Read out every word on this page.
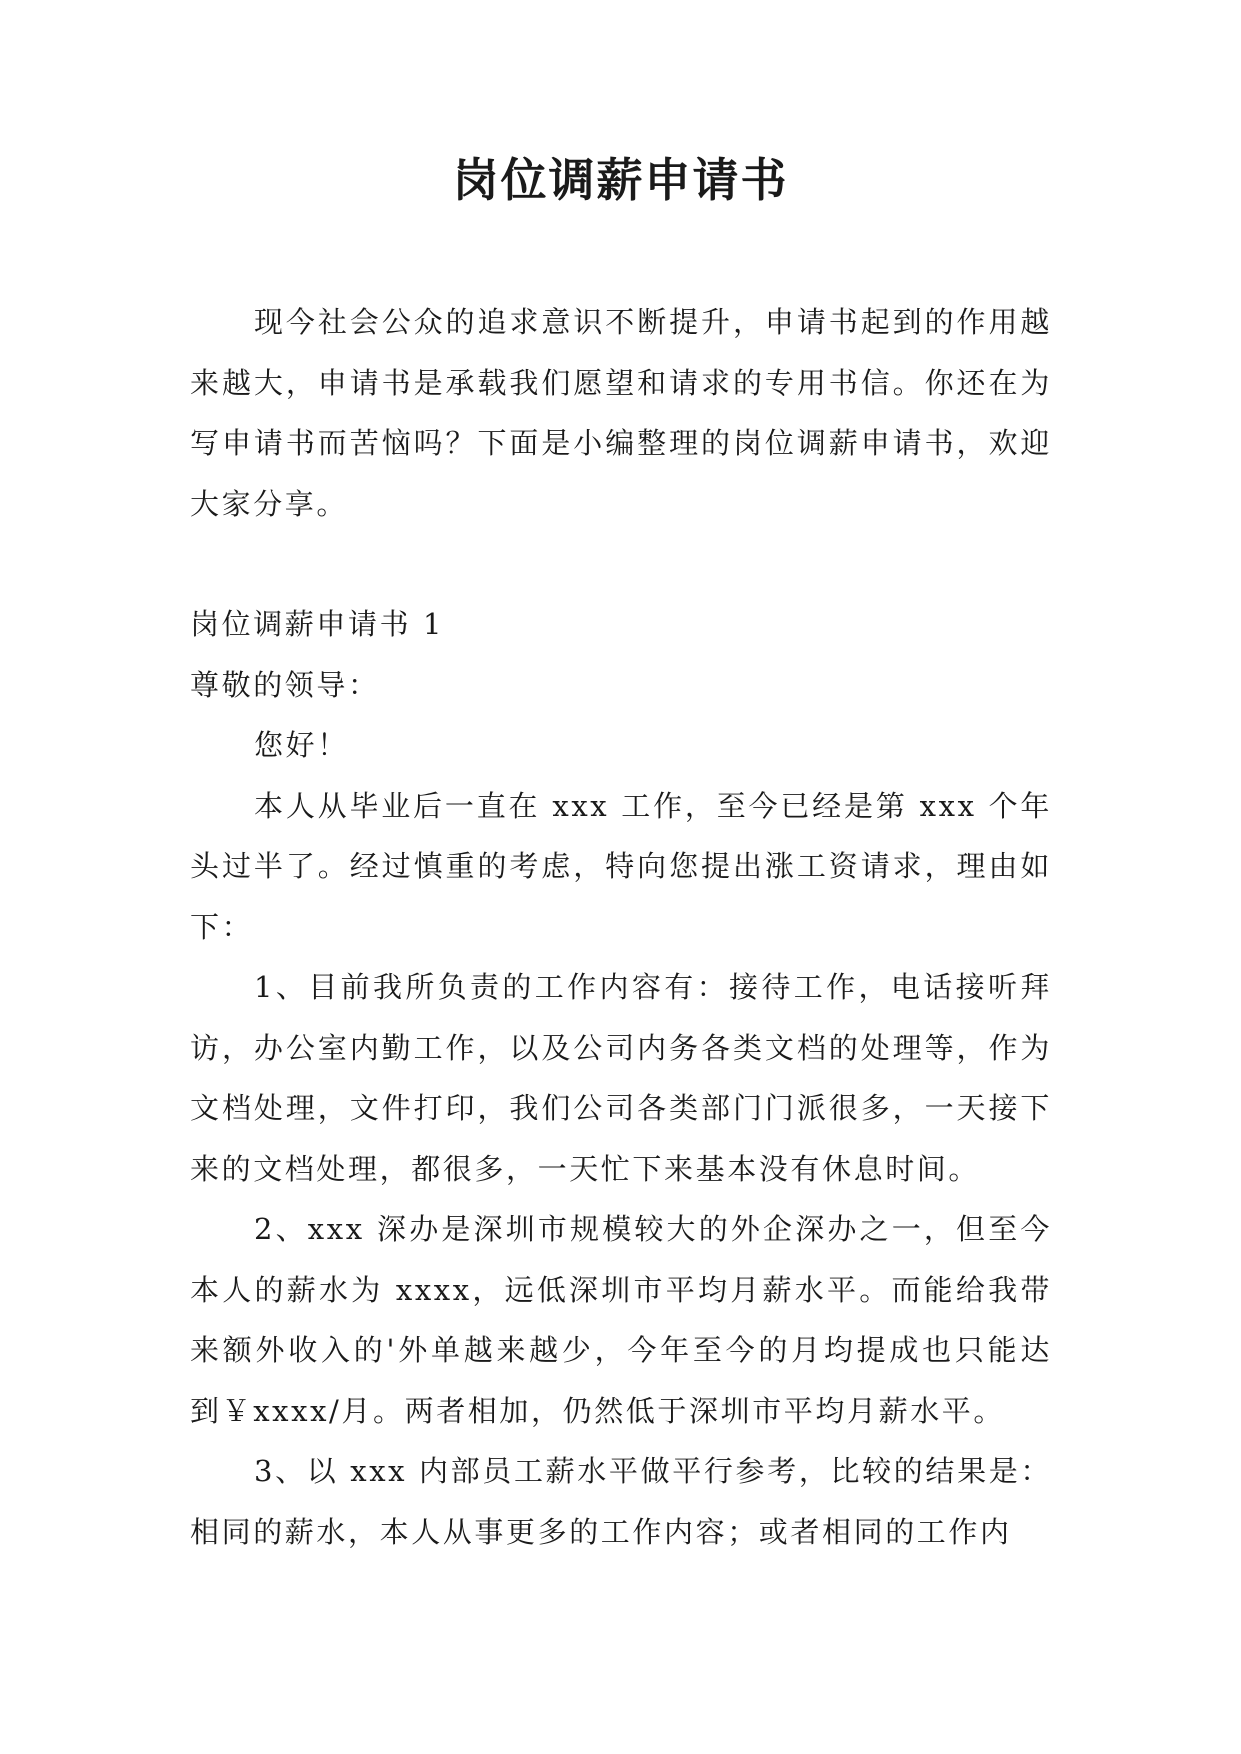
岗位调薪申请书

现今社会公众的追求意识不断提升，申请书起到的作用越来越大，申请书是承载我们愿望和请求的专用书信。你还在为写申请书而苦恼吗？下面是小编整理的岗位调薪申请书，欢迎大家分享。

岗位调薪申请书 1

尊敬的领导：

您好！

本人从毕业后一直在 xxx 工作，至今已经是第 xxx 个年头过半了。经过慎重的考虑，特向您提出涨工资请求，理由如下：

1、目前我所负责的工作内容有：接待工作，电话接听拜访，办公室内勤工作，以及公司内务各类文档的处理等，作为文档处理，文件打印，我们公司各类部门门派很多，一天接下来的文档处理，都很多，一天忙下来基本没有休息时间。

2、xxx 深办是深圳市规模较大的外企深办之一，但至今本人的薪水为 xxxx，远低深圳市平均月薪水平。而能给我带来额外收入的'外单越来越少，今年至今的月均提成也只能达到￥xxxx/月。两者相加，仍然低于深圳市平均月薪水平。

3、以 xxx 内部员工薪水平做平行参考，比较的结果是：相同的薪水，本人从事更多的工作内容；或者相同的工作内
